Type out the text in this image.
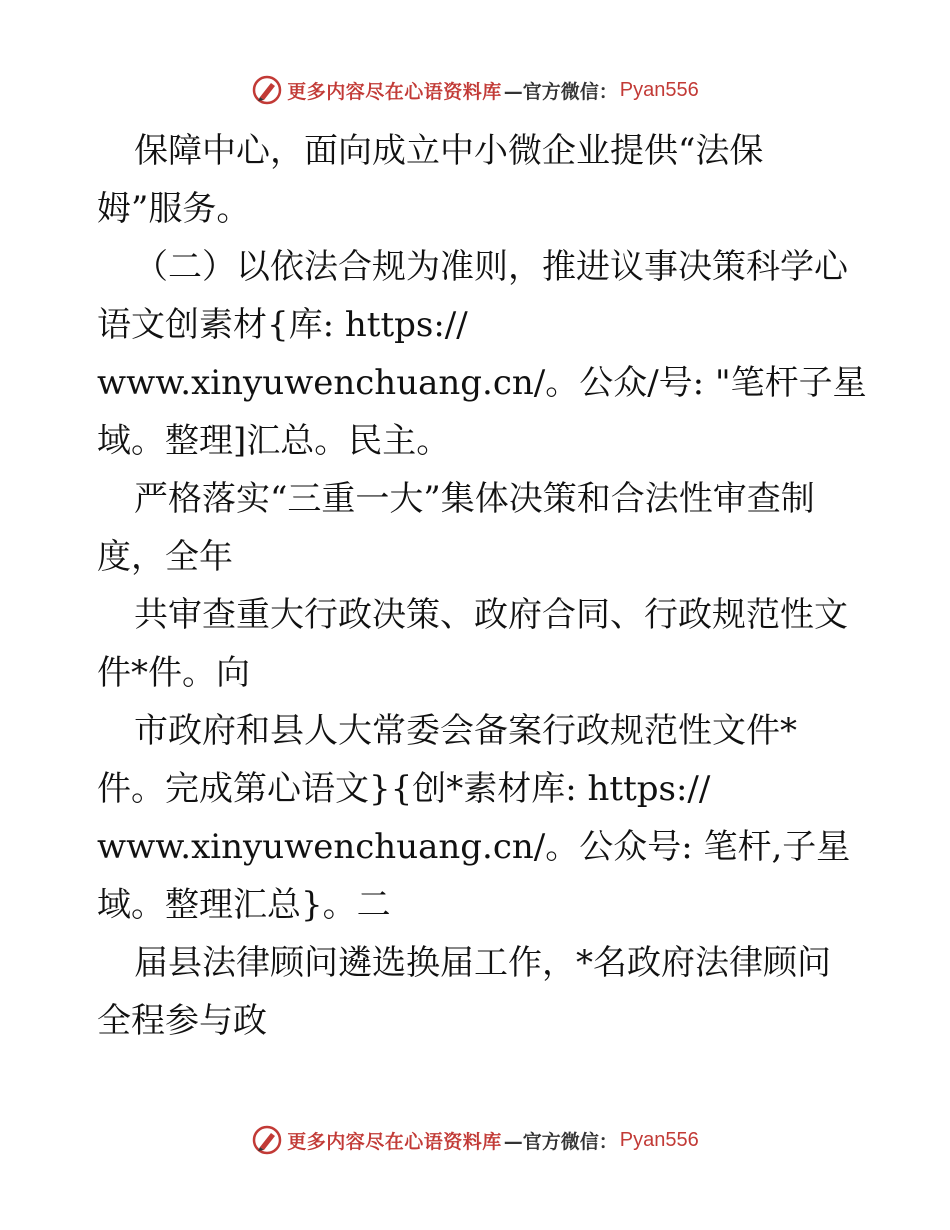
更多内容尽在心语资料库 —官方微信： Pyan556
保障中心，面向成立中小微企业提供“法保
姆”服务。
（二）以依法合规为准则，推进议事决策科学心
语文创素材{库: https://
www.xinyuwenchuang.cn/。公众/号: "笔杆子星
域。整理]汇总。民主。
严格落实“三重一大”集体决策和合法性审查制
度，全年
共审查重大行政决策、政府合同、行政规范性文
件*件。向
市政府和县人大常委会备案行政规范性文件*
件。完成第心语文}{创*素材库: https://
www.xinyuwenchuang.cn/。公众号: 笔杆,子星
域。整理汇总}。二
届县法律顾问遴选换届工作，*名政府法律顾问
全程参与政
更多内容尽在心语资料库 —官方微信： Pyan556
